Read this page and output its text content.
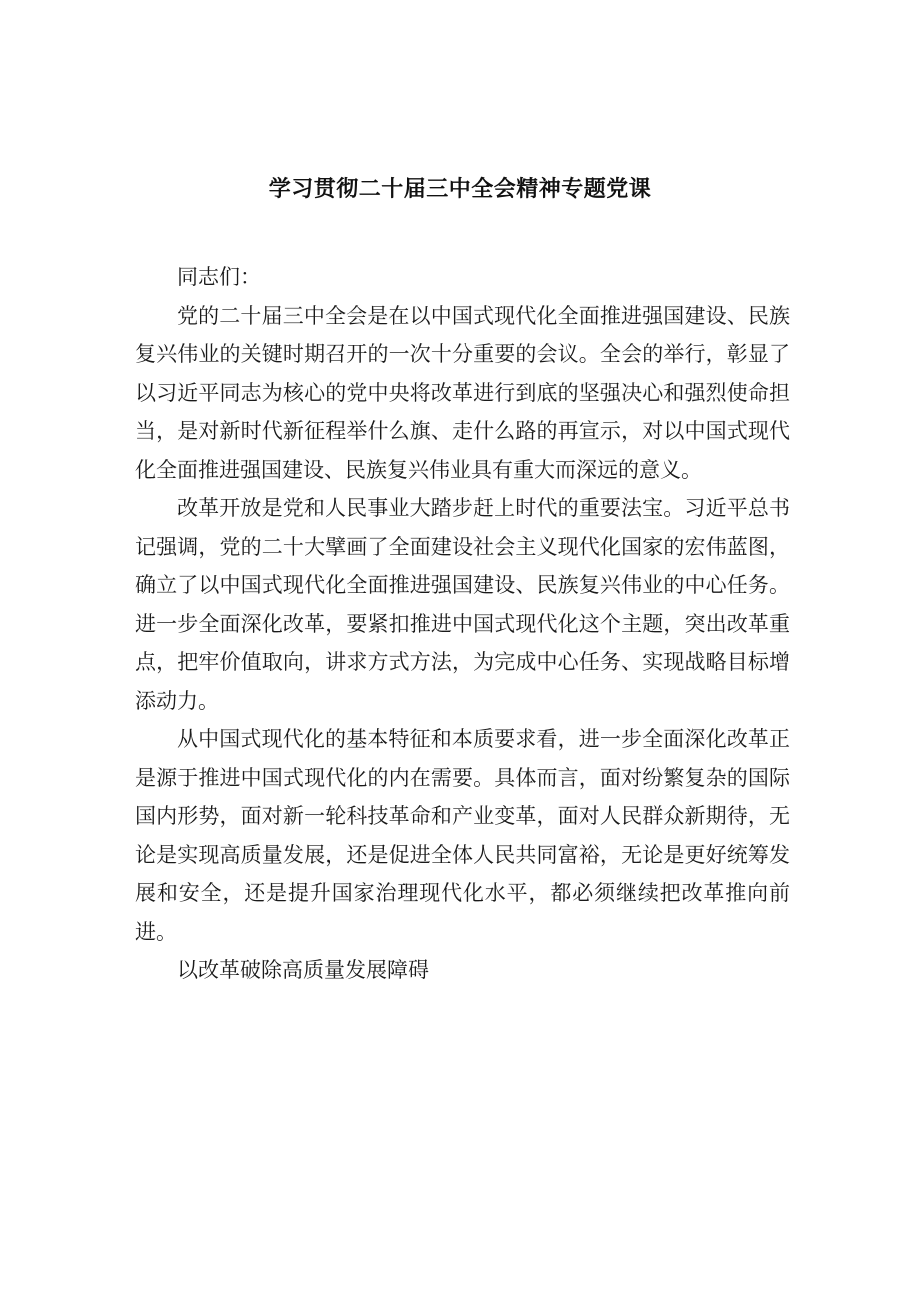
学习贯彻二十届三中全会精神专题党课

同志们：

党的二十届三中全会是在以中国式现代化全面推进强国建设、民族复兴伟业的关键时期召开的一次十分重要的会议。全会的举行，彰显了以习近平同志为核心的党中央将改革进行到底的坚强决心和强烈使命担当，是对新时代新征程举什么旗、走什么路的再宣示，对以中国式现代化全面推进强国建设、民族复兴伟业具有重大而深远的意义。

改革开放是党和人民事业大踏步赶上时代的重要法宝。习近平总书记强调，党的二十大擘画了全面建设社会主义现代化国家的宏伟蓝图，确立了以中国式现代化全面推进强国建设、民族复兴伟业的中心任务。进一步全面深化改革，要紧扣推进中国式现代化这个主题，突出改革重点，把牢价值取向，讲求方式方法，为完成中心任务、实现战略目标增添动力。

从中国式现代化的基本特征和本质要求看，进一步全面深化改革正是源于推进中国式现代化的内在需要。具体而言，面对纷繁复杂的国际国内形势，面对新一轮科技革命和产业变革，面对人民群众新期待，无论是实现高质量发展，还是促进全体人民共同富裕，无论是更好统筹发展和安全，还是提升国家治理现代化水平，都必须继续把改革推向前进。

以改革破除高质量发展障碍
